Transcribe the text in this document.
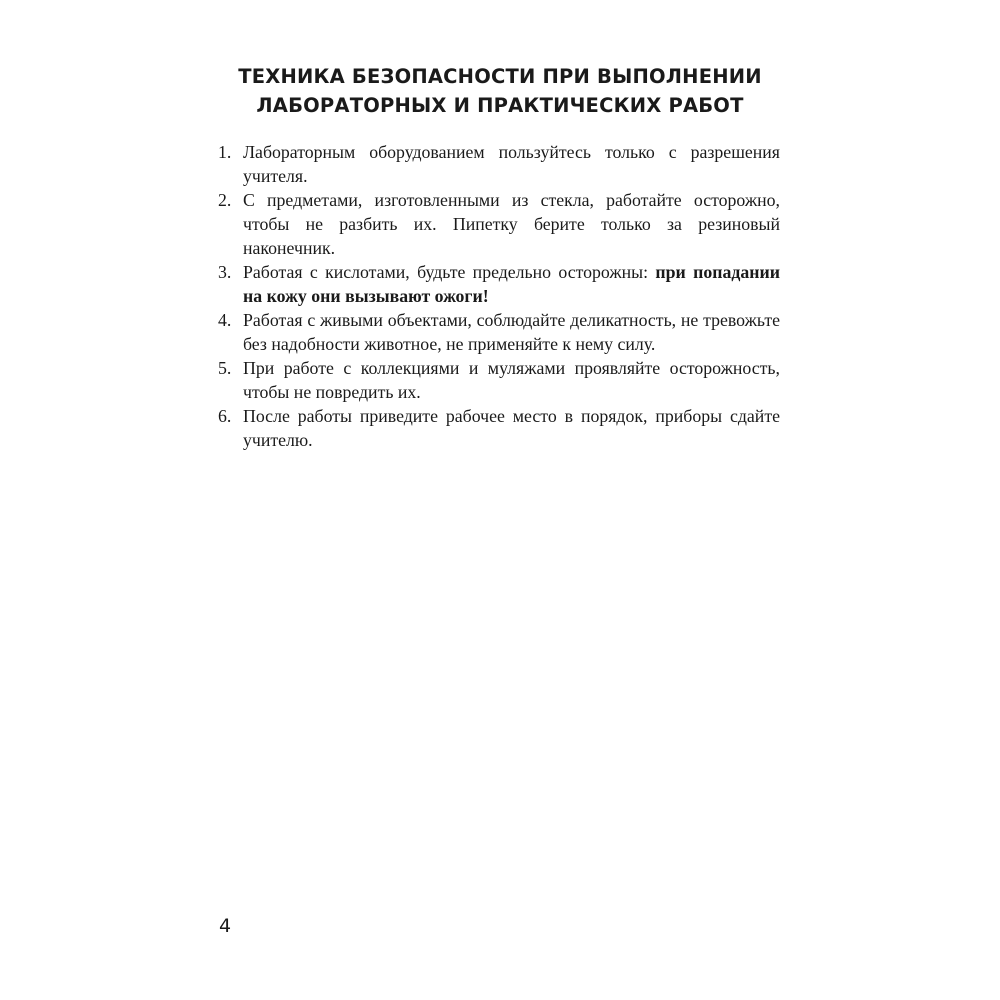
ТЕХНИКА БЕЗОПАСНОСТИ ПРИ ВЫПОЛНЕНИИ
ЛАБОРАТОРНЫХ И ПРАКТИЧЕСКИХ РАБОТ
1. Лабораторным оборудованием пользуйтесь только с разрешения учителя.
2. С предметами, изготовленными из стекла, работайте осторожно, чтобы не разбить их. Пипетку берите только за резиновый наконечник.
3. Работая с кислотами, будьте предельно осторожны: при попадании на кожу они вызывают ожоги!
4. Работая с живыми объектами, соблюдайте деликатность, не тревожьте без надобности животное, не применяйте к нему силу.
5. При работе с коллекциями и муляжами проявляйте осторожность, чтобы не повредить их.
6. После работы приведите рабочее место в порядок, приборы сдайте учителю.
4
